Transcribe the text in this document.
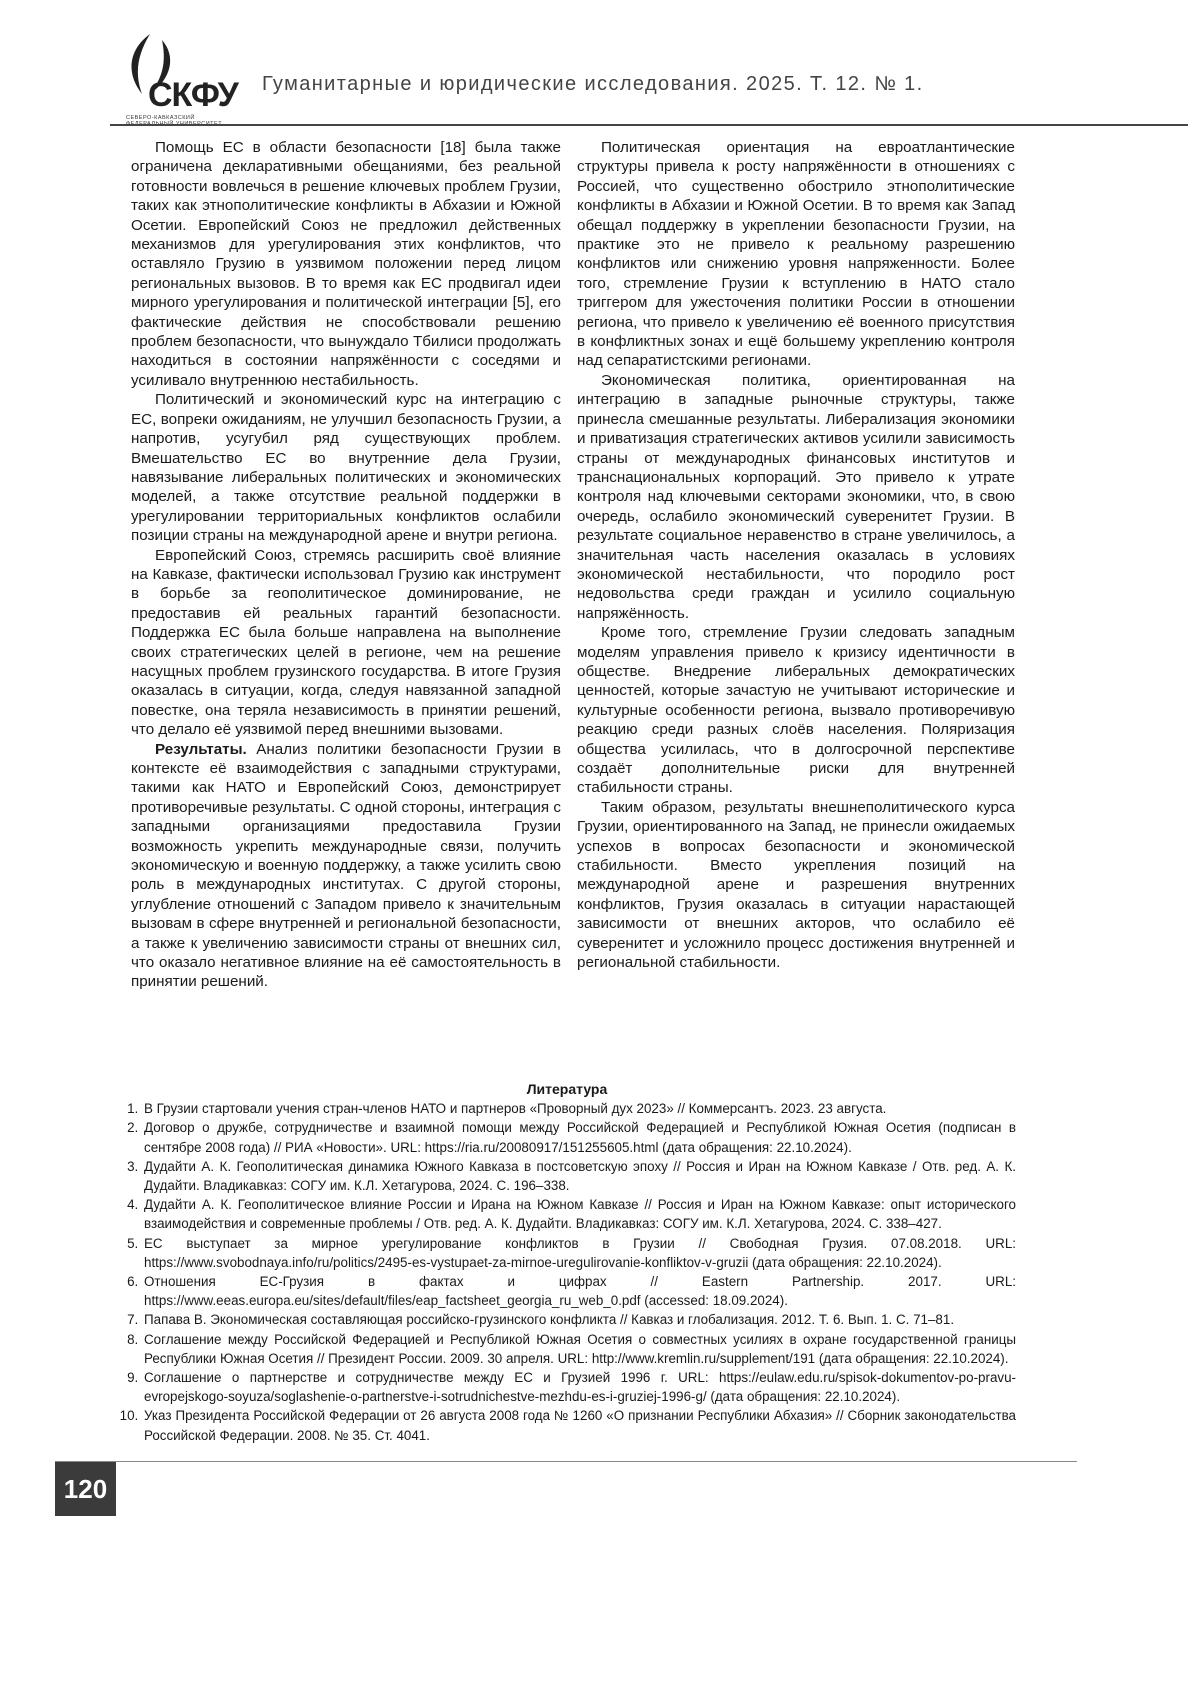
СКФУ
СЕВЕРО-КАВКАЗСКИЙ
Гуманитарные и юридические исследования. 2025. Т. 12. № 1.

Помощь ЕС в области безопасности [18] была также ограничена декларативными обещаниями, без реальной готовности вовлечься в решение ключевых проблем Грузии, таких как этнополитические конфликты в Абхазии и Южной Осетии. Европейский Союз не предложил действенных механизмов для урегулирования этих конфликтов, что оставляло Грузию в уязвимом положении перед лицом региональных вызовов. В то время как ЕС продвигал идеи мирного урегулирования и политической интеграции [5], его фактические действия не способствовали решению проблем безопасности, что вынуждало Тбилиси продолжать находиться в состоянии напряжённости с соседями и усиливало внутреннюю нестабильность.

Политический и экономический курс на интеграцию с ЕС, вопреки ожиданиям, не улучшил безопасность Грузии, а напротив, усугубил ряд существующих проблем. Вмешательство ЕС во внутренние дела Грузии, навязывание либеральных политических и экономических моделей, а также отсутствие реальной поддержки в урегулировании территориальных конфликтов ослабили позиции страны на международной арене и внутри региона.

Европейский Союз, стремясь расширить своё влияние на Кавказе, фактически использовал Грузию как инструмент в борьбе за геополитическое доминирование, не предоставив ей реальных гарантий безопасности. Поддержка ЕС была больше направлена на выполнение своих стратегических целей в регионе, чем на решение насущных проблем грузинского государства. В итоге Грузия оказалась в ситуации, когда, следуя навязанной западной повестке, она теряла независимость в принятии решений, что делало её уязвимой перед внешними вызовами.

Результаты. Анализ политики безопасности Грузии в контексте её взаимодействия с западными структурами, такими как НАТО и Европейский Союз, демонстрирует противоречивые результаты. С одной стороны, интеграция с западными организациями предоставила Грузии возможность укрепить международные связи, получить экономическую и военную поддержку, а также усилить свою роль в международных институтах. С другой стороны, углубление отношений с Западом привело к значительным вызовам в сфере внутренней и региональной безопасности, а также к увеличению зависимости страны от внешних сил, что оказало негативное влияние на её самостоятельность в принятии решений.

Политическая ориентация на евроатлантические структуры привела к росту напряжённости в отношениях с Россией, что существенно обострило этнополитические конфликты в Абхазии и Южной Осетии. В то время как Запад обещал поддержку в укреплении безопасности Грузии, на практике это не привело к реальному разрешению конфликтов или снижению уровня напряженности. Более того, стремление Грузии к вступлению в НАТО стало триггером для ужесточения политики России в отношении региона, что привело к увеличению её военного присутствия в конфликтных зонах и ещё большему укреплению контроля над сепаратистскими регионами.

Экономическая политика, ориентированная на интеграцию в западные рыночные структуры, также принесла смешанные результаты. Либерализация экономики и приватизация стратегических активов усилили зависимость страны от международных финансовых институтов и транснациональных корпораций. Это привело к утрате контроля над ключевыми секторами экономики, что, в свою очередь, ослабило экономический суверенитет Грузии. В результате социальное неравенство в стране увеличилось, а значительная часть населения оказалась в условиях экономической нестабильности, что породило рост недовольства среди граждан и усилило социальную напряжённость.

Кроме того, стремление Грузии следовать западным моделям управления привело к кризису идентичности в обществе. Внедрение либеральных демократических ценностей, которые зачастую не учитывают исторические и культурные особенности региона, вызвало противоречивую реакцию среди разных слоёв населения. Поляризация общества усилилась, что в долгосрочной перспективе создаёт дополнительные риски для внутренней стабильности страны.

Таким образом, результаты внешнеполитического курса Грузии, ориентированного на Запад, не принесли ожидаемых успехов в вопросах безопасности и экономической стабильности. Вместо укрепления позиций на международной арене и разрешения внутренних конфликтов, Грузия оказалась в ситуации нарастающей зависимости от внешних акторов, что ослабило её суверенитет и усложнило процесс достижения внутренней и региональной стабильности.

Литература
1. В Грузии стартовали учения стран-членов НАТО и партнеров «Проворный дух 2023» // Коммерсантъ. 2023. 23 августа.
2. Договор о дружбе, сотрудничестве и взаимной помощи между Российской Федерацией и Республикой Южная Осетия (подписан в сентябре 2008 года) // РИА «Новости». URL: https://ria.ru/20080917/151255605.html (дата обращения: 22.10.2024).
3. Дудайти А. К. Геополитическая динамика Южного Кавказа в постсоветскую эпоху // Россия и Иран на Южном Кавказе / Отв. ред. А. К. Дудайти. Владикавказ: СОГУ им. К.Л. Хетагурова, 2024. С. 196–338.
4. Дудайти А. К. Геополитическое влияние России и Ирана на Южном Кавказе // Россия и Иран на Южном Кавказе: опыт исторического взаимодействия и современные проблемы / Отв. ред. А. К. Дудайти. Владикавказ: СОГУ им. К.Л. Хетагурова, 2024. С. 338–427.
5. ЕС выступает за мирное урегулирование конфликтов в Грузии // Свободная Грузия. 07.08.2018. URL: https://www.svobodnaya.info/ru/politics/2495-es-vystupaet-za-mirnoe-uregulirovanie-konfliktov-v-gruzii (дата обращения: 22.10.2024).
6. Отношения ЕС-Грузия в фактах и цифрах // Eastern Partnership. 2017. URL: https://www.eeas.europa.eu/sites/default/files/eap_factsheet_georgia_ru_web_0.pdf (accessed: 18.09.2024).
7. Папава В. Экономическая составляющая российско-грузинского конфликта // Кавказ и глобализация. 2012. Т. 6. Вып. 1. С. 71–81.
8. Соглашение между Российской Федерацией и Республикой Южная Осетия о совместных усилиях в охране государственной границы Республики Южная Осетия // Президент России. 2009. 30 апреля. URL: http://www.kremlin.ru/supplement/191 (дата обращения: 22.10.2024).
9. Соглашение о партнерстве и сотрудничестве между ЕС и Грузией 1996 г. URL: https://eulaw.edu.ru/spisok-dokumentov-po-pravu-evropejskogo-soyuza/soglashenie-o-partnerstve-i-sotrudnichestve-mezhdu-es-i-gruziej-1996-g/ (дата обращения: 22.10.2024).
10. Указ Президента Российской Федерации от 26 августа 2008 года № 1260 «О признании Республики Абхазия» // Сборник законодательства Российской Федерации. 2008. № 35. Ст. 4041.
120
